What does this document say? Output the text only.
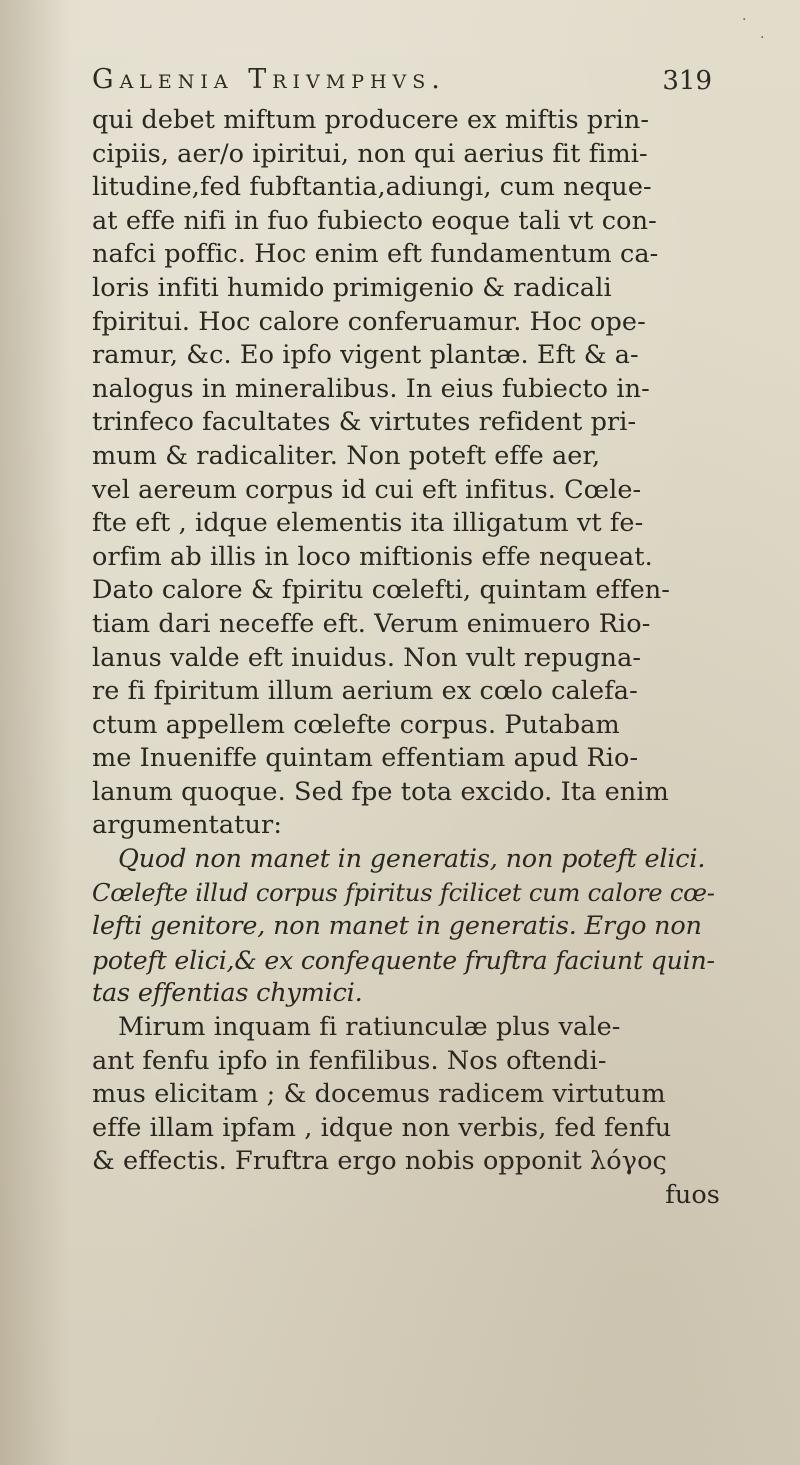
Galenia Trivmphvs.	319
qui debet miftum producere ex miftis prin-
cipiis, aer/o ipiritui, non qui aerius fit fimi-
litudine,fed fubftantia,adiungi, cum neque-
at effe nifi in fuo fubiecto eoque tali vt con-
nafci poffic. Hoc enim eft fundamentum ca-
loris infiti humido primigenio & radicali
fpiritui. Hoc calore conferuamur. Hoc ope-
ramur, &c. Eo ipfo vigent plantæ. Eft & a-
nalogus in mineralibus. In eius fubiecto in-
trinfeco facultates & virtutes refident pri-
mum & radicaliter. Non poteft effe aer,
vel aereum corpus id cui eft infitus. Cœle-
fte eft , idque elementis ita illigatum vt fe-
orfim ab illis in loco miftionis effe nequeat.
Dato calore & fpiritu cœlefti, quintam effen-
tiam dari neceffe eft. Verum enimuero Rio-
lanus valde eft inuidus. Non vult repugna-
re fi fpiritum illum aerium ex cœlo calefa-
ctum appellem cœlefte corpus. Putabam
me Inueniffe quintam effentiam apud Rio-
lanum quoque. Sed fpe tota excido. Ita enim
argumentatur:
Quod non manet in generatis, non poteft elici.
Cœlefte illud corpus fpiritus fcilicet cum calore cœ-
lefti genitore, non manet in generatis. Ergo non
poteft elici,& ex confequente fruftra faciunt quin-
tas effentias chymici.
Mirum inquam fi ratiunculæ plus vale-
ant fenfu ipfo in fenfilibus. Nos oftendi-
mus elicitam ; & docemus radicem virtutum
effe illam ipfam , idque non verbis, fed fenfu
& effectis. Fruftra ergo nobis opponit λόγος
fuos
·
·
